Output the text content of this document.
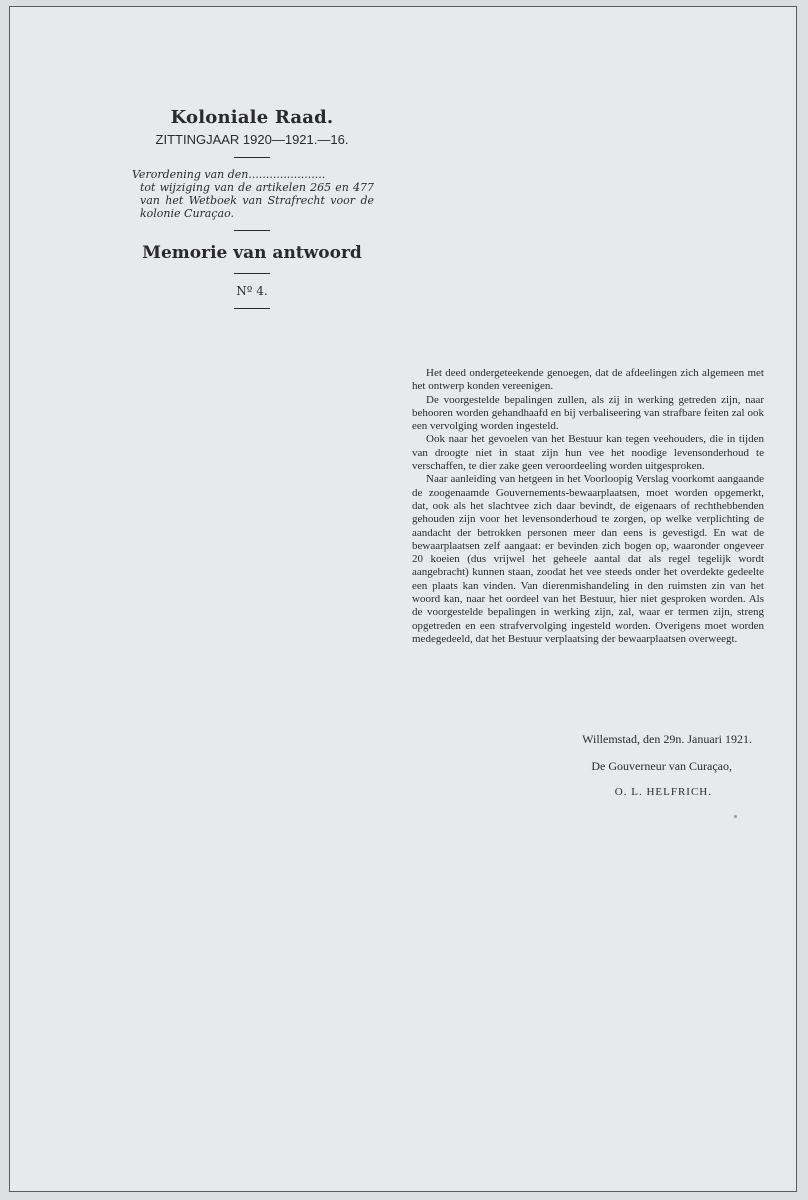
Koloniale Raad.
ZITTINGJAAR 1920—1921.—16.
Verordening van den......................
tot wijziging van de artikelen 265 en 477 van het Wetboek van Strafrecht voor de kolonie Curaçao.
Memorie van antwoord
Nº 4.

Het deed ondergeteekende genoegen, dat de afdeelingen zich algemeen met het ontwerp konden vereenigen.

De voorgestelde bepalingen zullen, als zij in werking getreden zijn, naar behooren worden gehandhaafd en bij verbaliseering van strafbare feiten zal ook een vervolging worden ingesteld.

Ook naar het gevoelen van het Bestuur kan tegen veehouders, die in tijden van droogte niet in staat zijn hun vee het noodige levensonderhoud te verschaffen, te dier zake geen veroordeeling worden uitgesproken.

Naar aanleiding van hetgeen in het Voorloopig Verslag voorkomt aangaande de zoogenaamde Gouvernements-bewaarplaatsen, moet worden opgemerkt, dat, ook als het slachtvee zich daar bevindt, de eigenaars of rechthebbenden gehouden zijn voor het levensonderhoud te zorgen, op welke verplichting de aandacht der betrokken personen meer dan eens is gevestigd. En wat de bewaarplaatsen zelf aangaat: er bevinden zich bogen op, waaronder ongeveer 20 koeien (dus vrijwel het geheele aantal dat als regel tegelijk wordt aangebracht) kunnen staan, zoodat het vee steeds onder het overdekte gedeelte een plaats kan vinden. Van dierenmishandeling in den ruimsten zin van het woord kan, naar het oordeel van het Bestuur, hier niet gesproken worden. Als de voorgestelde bepalingen in werking zijn, zal, waar er termen zijn, streng opgetreden en een strafvervolging ingesteld worden. Overigens moet worden medegedeeld, dat het Bestuur verplaatsing der bewaarplaatsen overweegt.

Willemstad, den 29n. Januari 1921.
De Gouverneur van Curaçao,
O. L. HELFRICH.
